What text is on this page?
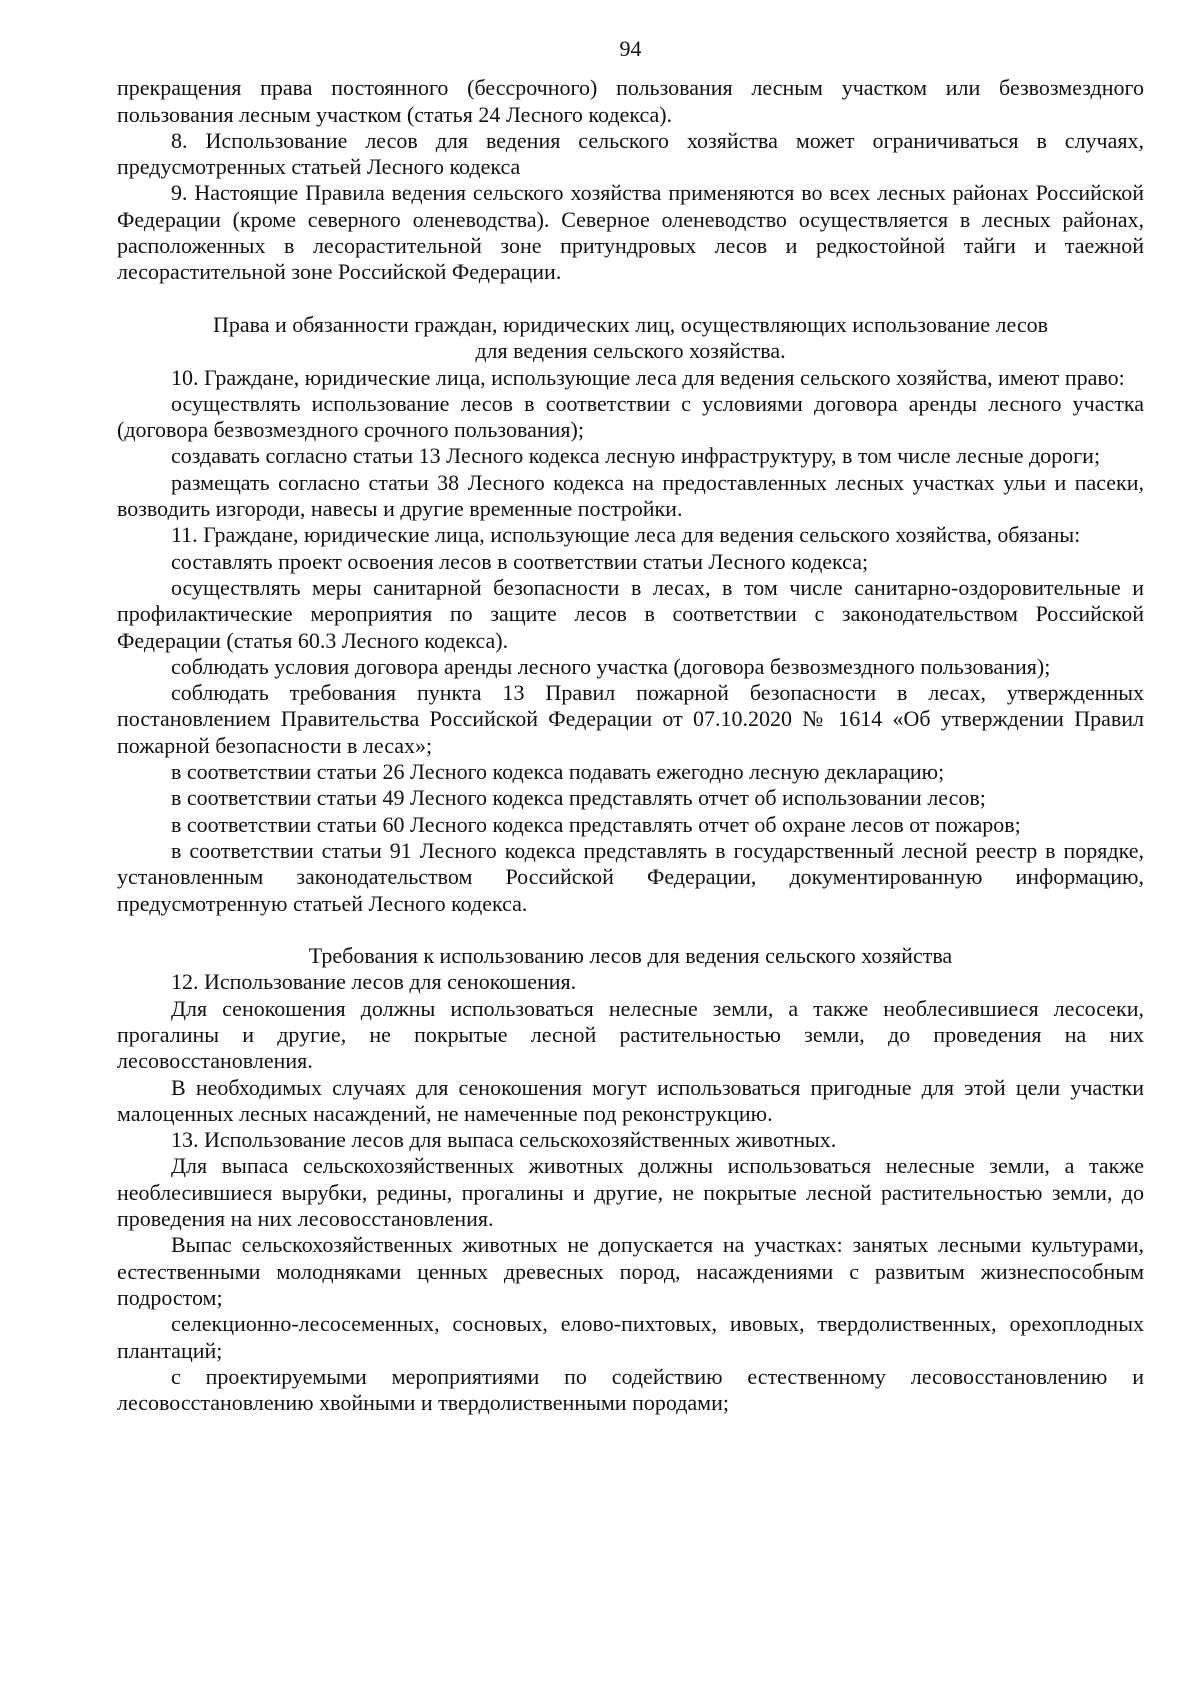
94

прекращения права постоянного (бессрочного) пользования лесным участком или безвозмездного пользования лесным участком (статья 24 Лесного кодекса).

8. Использование лесов для ведения сельского хозяйства может ограничиваться в случаях, предусмотренных статьей Лесного кодекса

9. Настоящие Правила ведения сельского хозяйства применяются во всех лесных районах Российской Федерации (кроме северного оленеводства). Северное оленеводство осуществляется в лесных районах, расположенных в лесорастительной зоне притундровых лесов и редкостойной тайги и таежной лесорастительной зоне Российской Федерации.

Права и обязанности граждан, юридических лиц, осуществляющих использование лесов
для ведения сельского хозяйства.

10. Граждане, юридические лица, использующие леса для ведения сельского хозяйства, имеют право:

осуществлять использование лесов в соответствии с условиями договора аренды лесного участка (договора безвозмездного срочного пользования);

создавать согласно статьи 13 Лесного кодекса лесную инфраструктуру, в том числе лесные дороги;

размещать согласно статьи 38 Лесного кодекса на предоставленных лесных участках ульи и пасеки, возводить изгороди, навесы и другие временные постройки.

11. Граждане, юридические лица, использующие леса для ведения сельского хозяйства, обязаны:

составлять проект освоения лесов в соответствии статьи Лесного кодекса;

осуществлять меры санитарной безопасности в лесах, в том числе санитарно-оздоровительные и профилактические мероприятия по защите лесов в соответствии с законодательством Российской Федерации (статья 60.3 Лесного кодекса).

соблюдать условия договора аренды лесного участка (договора безвозмездного пользования);

соблюдать требования пункта 13 Правил пожарной безопасности в лесах, утвержденных постановлением Правительства Российской Федерации от 07.10.2020 № 1614 «Об утверждении Правил пожарной безопасности в лесах»;

в соответствии статьи 26 Лесного кодекса подавать ежегодно лесную декларацию;

в соответствии статьи 49 Лесного кодекса представлять отчет об использовании лесов;

в соответствии статьи 60 Лесного кодекса представлять отчет об охране лесов от пожаров;

в соответствии статьи 91 Лесного кодекса представлять в государственный лесной реестр в порядке, установленным законодательством Российской Федерации, документированную информацию, предусмотренную статьей Лесного кодекса.

Требования к использованию лесов для ведения сельского хозяйства

12. Использование лесов для сенокошения.

Для сенокошения должны использоваться нелесные земли, а также необлесившиеся лесосеки, прогалины и другие, не покрытые лесной растительностью земли, до проведения на них лесовосстановления.

В необходимых случаях для сенокошения могут использоваться пригодные для этой цели участки малоценных лесных насаждений, не намеченные под реконструкцию.

13. Использование лесов для выпаса сельскохозяйственных животных.

Для выпаса сельскохозяйственных животных должны использоваться нелесные земли, а также необлесившиеся вырубки, редины, прогалины и другие, не покрытые лесной растительностью земли, до проведения на них лесовосстановления.

Выпас сельскохозяйственных животных не допускается на участках: занятых лесными культурами, естественными молодняками ценных древесных пород, насаждениями с развитым жизнеспособным подростом;

селекционно-лесосеменных, сосновых, елово-пихтовых, ивовых, твердолиственных, орехоплодных плантаций;

с проектируемыми мероприятиями по содействию естественному лесовосстановлению и лесовосстановлению хвойными и твердолиственными породами;
